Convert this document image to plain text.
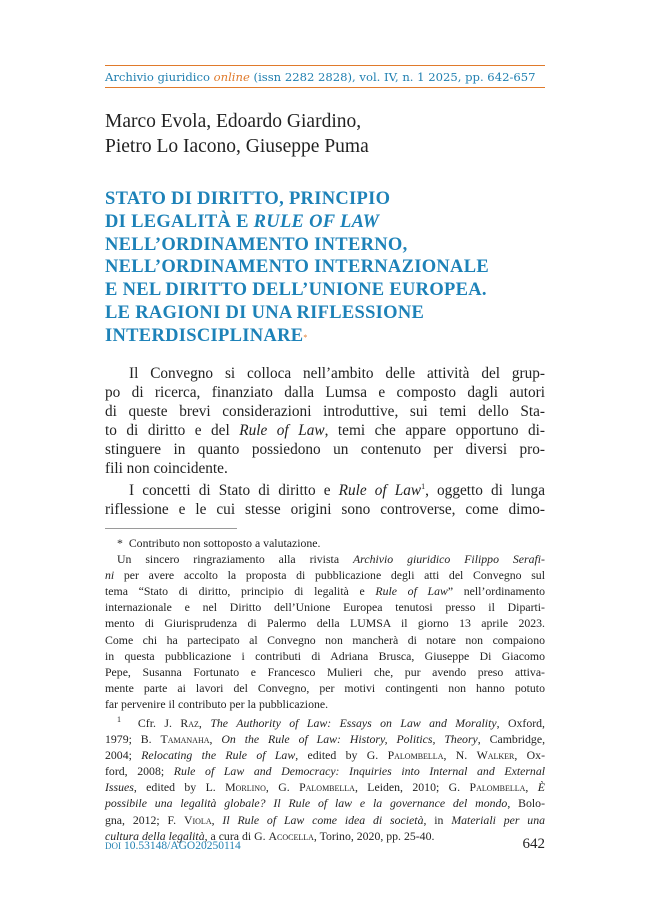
Archivio giuridico online (issn 2282 2828), vol. IV, n. 1 2025, pp. 642-657
Marco Evola, Edoardo Giardino,
Pietro Lo Iacono, Giuseppe Puma
STATO DI DIRITTO, PRINCIPIO
DI LEGALITÀ E RULE OF LAW
NELL’ORDINAMENTO INTERNO,
NELL’ORDINAMENTO INTERNAZIONALE
E NEL DIRITTO DELL’UNIONE EUROPEA.
LE RAGIONI DI UNA RIFLESSIONE
INTERDISCIPLINARE*
Il Convegno si colloca nell’ambito delle attività del grup-
po di ricerca, finanziato dalla Lumsa e composto dagli autori
di queste brevi considerazioni introduttive, sui temi dello Sta-
to di diritto e del Rule of Law, temi che appare opportuno di-
stinguere in quanto possiedono un contenuto per diversi pro-
fili non coincidente.
I concetti di Stato di diritto e Rule of Law$^1$, oggetto di lunga
riflessione e le cui stesse origini sono controverse, come dimo-
* Contributo non sottoposto a valutazione.
Un sincero ringraziamento alla rivista Archivio giuridico Filippo Serafi-
ni per avere accolto la proposta di pubblicazione degli atti del Convegno sul
tema “Stato di diritto, principio di legalità e Rule of Law” nell’ordinamento
internazionale e nel Diritto dell’Unione Europea tenutosi presso il Diparti-
mento di Giurisprudenza di Palermo della LUMSA il giorno 13 aprile 2023.
Come chi ha partecipato al Convegno non mancherà di notare non compaiono
in questa pubblicazione i contributi di Adriana Brusca, Giuseppe Di Giacomo
Pepe, Susanna Fortunato e Francesco Mulieri che, pur avendo preso attiva-
mente parte ai lavori del Convegno, per motivi contingenti non hanno potuto
far pervenire il contributo per la pubblicazione.
$^1$ Cfr. J. Raz, The Authority of Law: Essays on Law and Morality, Oxford,
1979; B. Tamanaha, On the Rule of Law: History, Politics, Theory, Cambridge,
2004; Relocating the Rule of Law, edited by G. Palombella, N. Walker, Ox-
ford, 2008; Rule of Law and Democracy: Inquiries into Internal and External
Issues, edited by L. Morlino, G. Palombella, Leiden, 2010; G. Palombella, È
possibile una legalità globale? Il Rule of law e la governance del mondo, Bolo-
gna, 2012; F. Viola, Il Rule of Law come idea di società, in Materiali per una
cultura della legalità, a cura di G. Acocella, Torino, 2020, pp. 25-40.
DOI 10.53148/AGO20250114	642
